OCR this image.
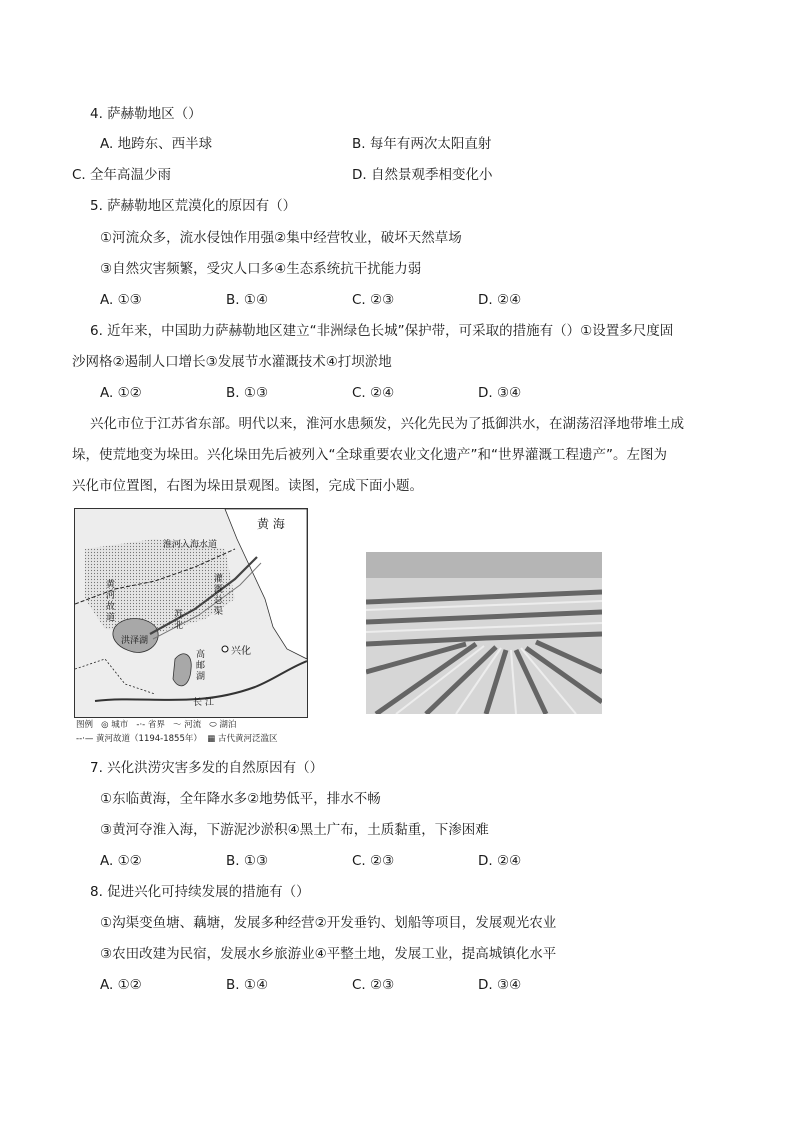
4. 萨赫勒地区（）
A. 地跨东、西半球	B. 每年有两次太阳直射
C. 全年高温少雨	D. 自然景观季相变化小
5. 萨赫勒地区荒漠化的原因有（）
①河流众多，流水侵蚀作用强②集中经营牧业，破坏天然草场
③自然灾害频繁，受灾人口多④生态系统抗干扰能力弱
A. ①③	B. ①④	C. ②③	D. ②④
6. 近年来，中国助力萨赫勒地区建立“非洲绿色长城”保护带，可采取的措施有（）①设置多尺度固
沙网格②遏制人口增长③发展节水灌溉技术④打坝淤地
A. ①②	B. ①③	C. ②④	D. ③④
兴化市位于江苏省东部。明代以来，淮河水患频发，兴化先民为了抵御洪水，在湖荡沼泽地带堆土成
垛，使荒地变为垛田。兴化垛田先后被列入“全球重要农业文化遗产”和“世界灌溉工程遗产”。左图为
兴化市位置图，右图为垛田景观图。读图，完成下面小题。
黄 海
淮河入海水道
黄河故道	苏北
灌溉总渠
洪泽湖
兴化
高邮湖
长 江
图例 ◎ 城市 -·- 省界 ～ 河流 ⬭ 湖泊
--·— 黄河故道（1194-1855年） ▦ 古代黄河泛滥区
7. 兴化洪涝灾害多发的自然原因有（）
①东临黄海，全年降水多②地势低平，排水不畅
③黄河夺淮入海，下游泥沙淤积④黑土广布，土质黏重，下渗困难
A. ①②	B. ①③	C. ②③	D. ②④
8. 促进兴化可持续发展的措施有（）
①沟渠变鱼塘、藕塘，发展多种经营②开发垂钓、划船等项目，发展观光农业
③农田改建为民宿，发展水乡旅游业④平整土地，发展工业，提高城镇化水平
A. ①②	B. ①④	C. ②③	D. ③④
